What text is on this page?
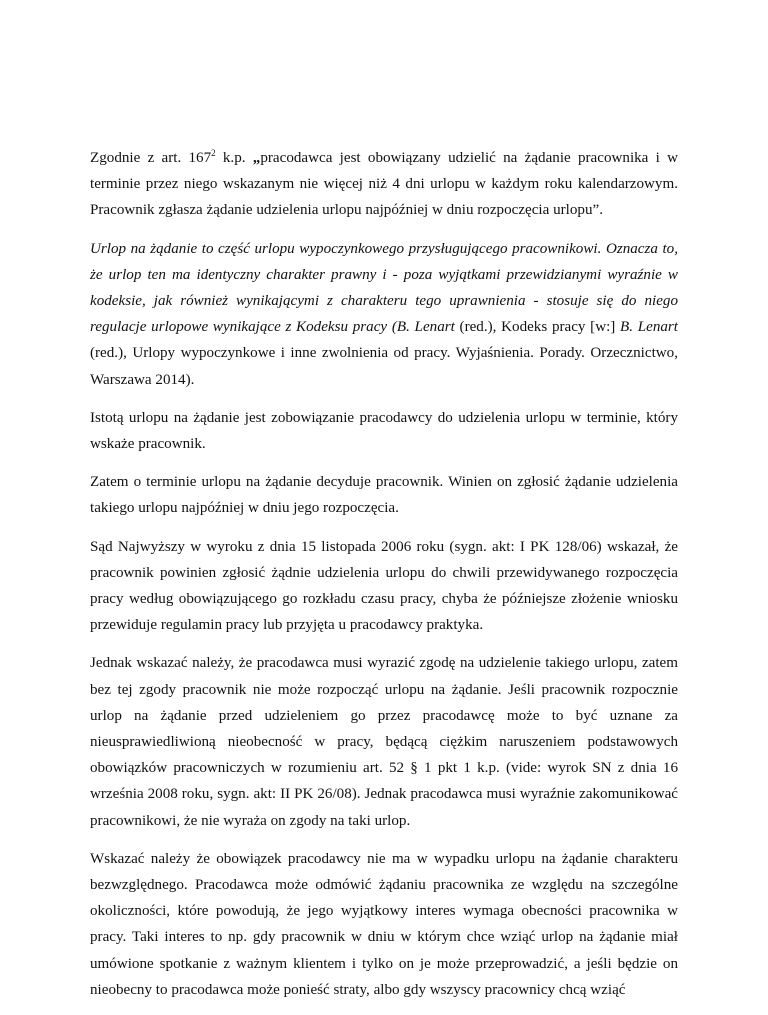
Zgodnie z art. $167^2$ k.p. „pracodawca jest obowiązany udzielić na żądanie pracownika i w terminie przez niego wskazanym nie więcej niż 4 dni urlopu w każdym roku kalendarzowym. Pracownik zgłasza żądanie udzielenia urlopu najpóźniej w dniu rozpoczęcia urlopu”.

Urlop na żądanie to część urlopu wypoczynkowego przysługującego pracownikowi. Oznacza to, że urlop ten ma identyczny charakter prawny i - poza wyjątkami przewidzianymi wyraźnie w kodeksie, jak również wynikającymi z charakteru tego uprawnienia - stosuje się do niego regulacje urlopowe wynikające z Kodeksu pracy (B. Lenart (red.), Kodeks pracy [w:] B. Lenart (red.), Urlopy wypoczynkowe i inne zwolnienia od pracy. Wyjaśnienia. Porady. Orzecznictwo, Warszawa 2014).

Istotą urlopu na żądanie jest zobowiązanie pracodawcy do udzielenia urlopu w terminie, który wskaże pracownik.

Zatem o terminie urlopu na żądanie decyduje pracownik. Winien on zgłosić żądanie udzielenia takiego urlopu najpóźniej w dniu jego rozpoczęcia.

Sąd Najwyższy w wyroku z dnia 15 listopada 2006 roku (sygn. akt: I PK 128/06) wskazał, że pracownik powinien zgłosić żądnie udzielenia urlopu do chwili przewidywanego rozpoczęcia pracy według obowiązującego go rozkładu czasu pracy, chyba że późniejsze złożenie wniosku przewiduje regulamin pracy lub przyjęta u pracodawcy praktyka.

Jednak wskazać należy, że pracodawca musi wyrazić zgodę na udzielenie takiego urlopu, zatem bez tej zgody pracownik nie może rozpocząć urlopu na żądanie. Jeśli pracownik rozpocznie urlop na żądanie przed udzieleniem go przez pracodawcę może to być uznane za nieusprawiedliwioną nieobecność w pracy, będącą ciężkim naruszeniem podstawowych obowiązków pracowniczych w rozumieniu art. 52 § 1 pkt 1 k.p. (vide: wyrok SN z dnia 16 września 2008 roku, sygn. akt: II PK 26/08). Jednak pracodawca musi wyraźnie zakomunikować pracownikowi, że nie wyraża on zgody na taki urlop.

Wskazać należy że obowiązek pracodawcy nie ma w wypadku urlopu na żądanie charakteru bezwzględnego. Pracodawca może odmówić żądaniu pracownika ze względu na szczególne okoliczności, które powodują, że jego wyjątkowy interes wymaga obecności pracownika w pracy. Taki interes to np. gdy pracownik w dniu w którym chce wziąć urlop na żądanie miał umówione spotkanie z ważnym klientem i tylko on je może przeprowadzić, a jeśli będzie on nieobecny to pracodawca może ponieść straty, albo gdy wszyscy pracownicy chcą wziąć
